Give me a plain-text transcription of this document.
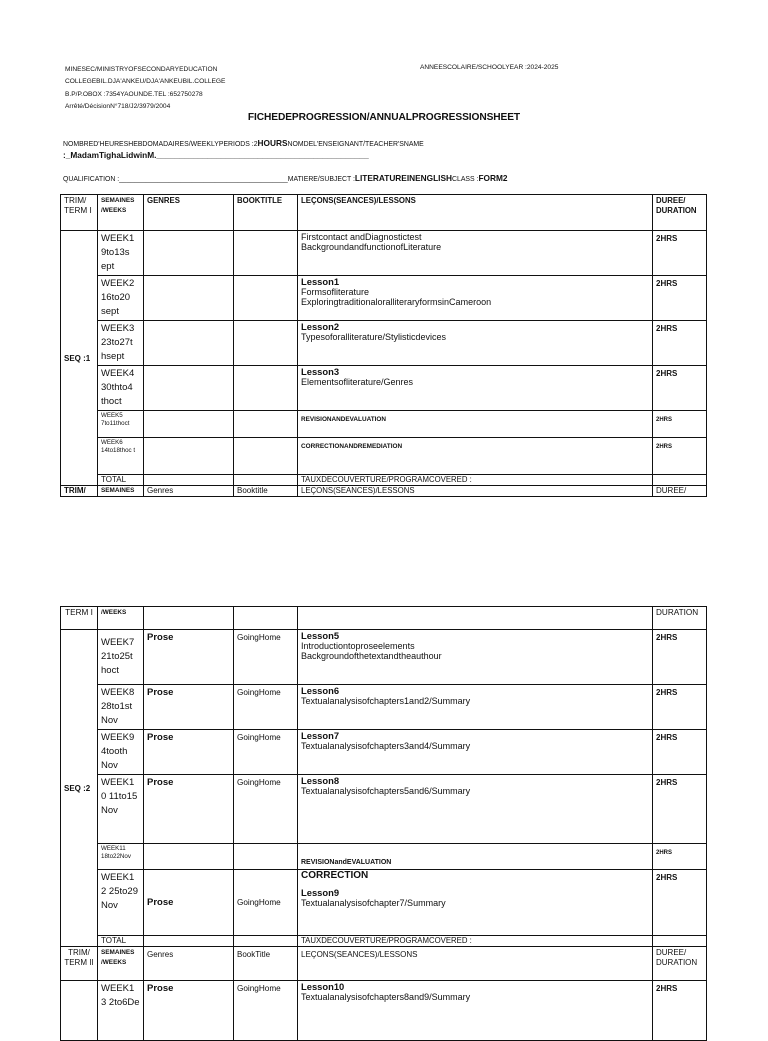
MINESEC/MINISTRYOFSECONDARYEDUCATION
COLLEGEBIL.DJA'ANKEU/DJA'ANKEUBIL.COLLEGE
B.P/P.OBOX :7354YAOUNDE.TEL :652750278
Arrêté/DécisionN°718/J2/3979/2004
ANNEESCOLAIRE/SCHOOLYEAR :2024-2025
FICHEDEPROGRESSION/ANNUALPROGRESSIONSHEET
NOMBRED'HEURESHEBDOMADAIRES/WEEKLYPERIODS :2HOURSNOMDEL'ENSEIGNANT/TEACHER'SNAME
:_MadamTighaLidwinM.______________________________________________
QUALIFICATION :____________________________________________MATIERE/SUBJECT :LITERATUREINENGLISHCLASS :FORM2
TRIM/ TERM I	SEMAINES /WEEKS	GENRES	BOOKTITLE	LEÇONS(SEANCES)/LESSONS	DUREE/ DURATION
SEQ :1	WEEK1 9to13s ept			Firstcontact andDiagnostictest
BackgroundandfunctionofLiterature	2HRS
	WEEK2 16to20 sept			Lesson1
Formsofliterature
ExploringtraditionaloralliteraryformsinCameroon	2HRS
	WEEK3 23to27t hsept			Lesson2
Typesoforalliterature/Stylisticdevices	2HRS
	WEEK4 30thto4 thoct			Lesson3
Elementsofliterature/Genres	2HRS
	WEEK5 7to11thoct			REVISIONANDEVALUATION	2HRS
	WEEK6 14to18thoc t			CORRECTIONANDREMEDIATION	2HRS
	TOTAL			TAUXDECOUVERTURE/PROGRAMCOVERED :	
TRIM/	SEMAINES	Genres	Booktitle	LEÇONS(SEANCES)/LESSONS	DUREE/
TERM I	/WEEKS				DURATION
SEQ :2	WEEK7 21to25t hoct	Prose	GoingHome	Lesson5
Introductiontoproseelements
Backgroundofthetextandtheauthour	2HRS
	WEEK8 28to1st Nov	Prose	GoingHome	Lesson6
Textualanalysisofchapters1and2/Summary	2HRS
	WEEK9 4tooth Nov	Prose	GoingHome	Lesson7
Textualanalysisofchapters3and4/Summary	2HRS
	WEEK1 0 11to15 Nov	Prose	GoingHome	Lesson8
Textualanalysisofchapters5and6/Summary	2HRS
	WEEK11 18to22Nov			REVISIONandEVALUATION	2HRS
	WEEK1 2 25to29 Nov	Prose	GoingHome	CORRECTION
Lesson9
Textualanalysisofchapter7/Summary	2HRS
	TOTAL			TAUXDECOUVERTURE/PROGRAMCOVERED :	
TRIM/ TERM II	SEMAINES /WEEKS	Genres	BookTitle	LEÇONS(SEANCES)/LESSONS	DUREE/ DURATION
	WEEK1 3 2to6De	Prose	GoingHome	Lesson10
Textualanalysisofchapters8and9/Summary	2HRS
